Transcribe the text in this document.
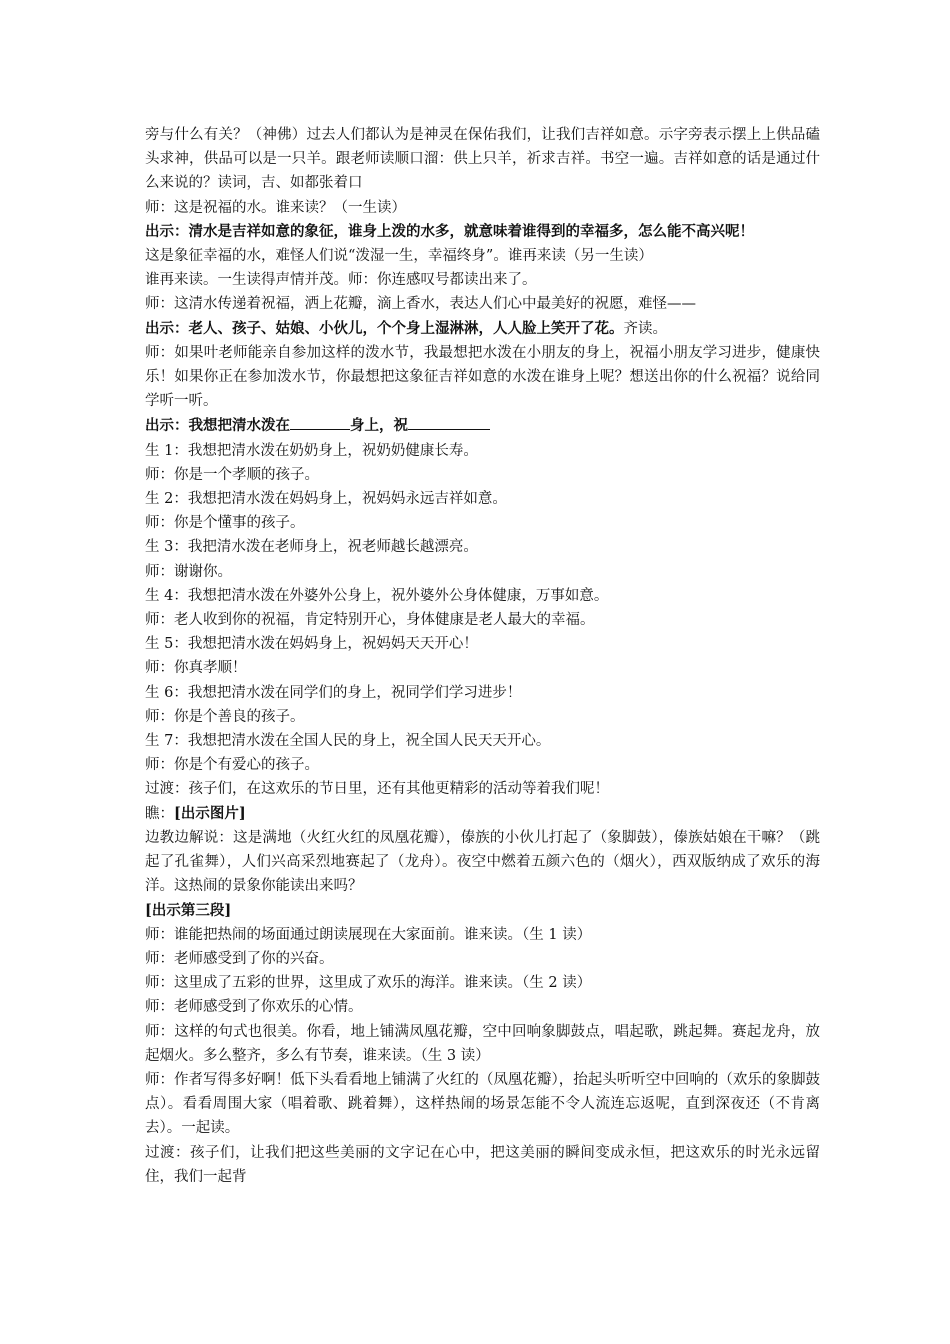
旁与什么有关？（神佛）过去人们都认为是神灵在保佑我们，让我们吉祥如意。示字旁表示摆上上供品磕头求神，供品可以是一只羊。跟老师读顺口溜：供上只羊，祈求吉祥。书空一遍。吉祥如意的话是通过什么来说的？读词，吉、如都张着口

师：这是祝福的水。谁来读？（一生读）

出示：清水是吉祥如意的象征，谁身上泼的水多，就意味着谁得到的幸福多，怎么能不高兴呢！

这是象征幸福的水，难怪人们说“泼湿一生，幸福终身”。谁再来读（另一生读）

谁再来读。一生读得声情并茂。师：你连感叹号都读出来了。

师：这清水传递着祝福，洒上花瓣，滴上香水，表达人们心中最美好的祝愿，难怪——

出示：老人、孩子、姑娘、小伙儿，个个身上湿淋淋，人人脸上笑开了花。齐读。

师：如果叶老师能亲自参加这样的泼水节，我最想把水泼在小朋友的身上，祝福小朋友学习进步，健康快乐！如果你正在参加泼水节，你最想把这象征吉祥如意的水泼在谁身上呢？想送出你的什么祝福？说给同学听一听。

出示：我想把清水泼在	身上，祝

生 1：我想把清水泼在奶奶身上，祝奶奶健康长寿。

师：你是一个孝顺的孩子。

生 2：我想把清水泼在妈妈身上，祝妈妈永远吉祥如意。

师：你是个懂事的孩子。

生 3：我把清水泼在老师身上，祝老师越长越漂亮。

师：谢谢你。

生 4：我想把清水泼在外婆外公身上，祝外婆外公身体健康，万事如意。

师：老人收到你的祝福，肯定特别开心，身体健康是老人最大的幸福。

生 5：我想把清水泼在妈妈身上，祝妈妈天天开心！

师：你真孝顺！

生 6：我想把清水泼在同学们的身上，祝同学们学习进步！

师：你是个善良的孩子。

生 7：我想把清水泼在全国人民的身上，祝全国人民天天开心。

师：你是个有爱心的孩子。

过渡：孩子们，在这欢乐的节日里，还有其他更精彩的活动等着我们呢！

瞧：[出示图片]

边教边解说：这是满地（火红火红的凤凰花瓣），傣族的小伙儿打起了（象脚鼓），傣族姑娘在干嘛？（跳起了孔雀舞），人们兴高采烈地赛起了（龙舟）。夜空中燃着五颜六色的（烟火），西双版纳成了欢乐的海洋。这热闹的景象你能读出来吗？

[出示第三段]

师：谁能把热闹的场面通过朗读展现在大家面前。谁来读。（生 1 读）

师：老师感受到了你的兴奋。

师：这里成了五彩的世界，这里成了欢乐的海洋。谁来读。（生 2 读）

师：老师感受到了你欢乐的心情。

师：这样的句式也很美。你看，地上铺满凤凰花瓣，空中回响象脚鼓点，唱起歌，跳起舞。赛起龙舟，放起烟火。多么整齐，多么有节奏，谁来读。（生 3 读）

师：作者写得多好啊！低下头看看地上铺满了火红的（凤凰花瓣），抬起头听听空中回响的（欢乐的象脚鼓点）。看看周围大家（唱着歌、跳着舞），这样热闹的场景怎能不令人流连忘返呢，直到深夜还（不肯离去）。一起读。

过渡：孩子们，让我们把这些美丽的文字记在心中，把这美丽的瞬间变成永恒，把这欢乐的时光永远留住，我们一起背
